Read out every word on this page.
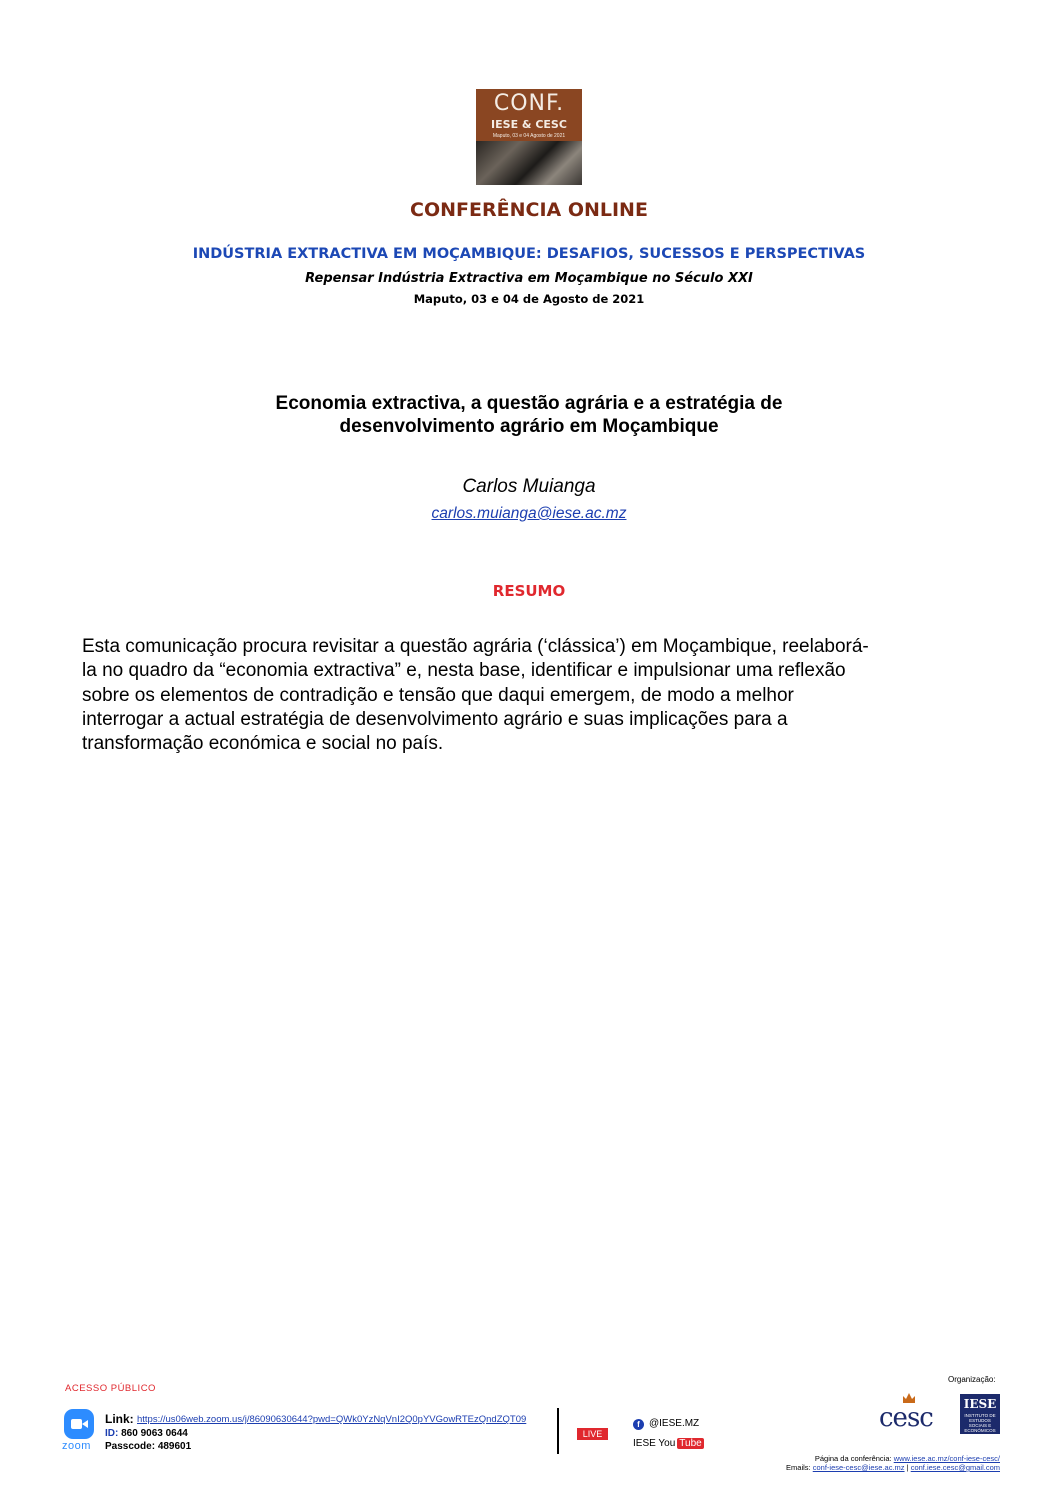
CONF.
IESE & CESC
Maputo, 03 e 04 Agosto de 2021
CONFERÊNCIA ONLINE
INDÚSTRIA EXTRACTIVA EM MOÇAMBIQUE: DESAFIOS, SUCESSOS E PERSPECTIVAS
Repensar Indústria Extractiva em Moçambique no Século XXI
Maputo, 03 e 04 de Agosto de 2021
Economia extractiva, a questão agrária e a estratégia de
desenvolvimento agrário em Moçambique
Carlos Muianga
carlos.muianga@iese.ac.mz
RESUMO
Esta comunicação procura revisitar a questão agrária (‘clássica’) em Moçambique, reelaborá-
la no quadro da “economia extractiva” e, nesta base, identificar e impulsionar uma reflexão
sobre os elementos de contradição e tensão que daqui emergem, de modo a melhor
interrogar a actual estratégia de desenvolvimento agrário e suas implicações para a
transformação económica e social no país.
ACESSO PÚBLICO
zoom
Link: https://us06web.zoom.us/j/86090630644?pwd=QWk0YzNqVnI2Q0pYVGowRTEzQndZQT09
ID: 860 9063 0644
Passcode: 489601
LIVE
f @IESE.MZ
IESE You Tube
Organização:
cesc	IESE
INSTITUTO DE ESTUDOS SOCIAIS E ECONÓMICOS
Página da conferência: www.iese.ac.mz/conf-iese-cesc/
Emails: conf-iese-cesc@iese.ac.mz | conf.iese.cesc@gmail.com
